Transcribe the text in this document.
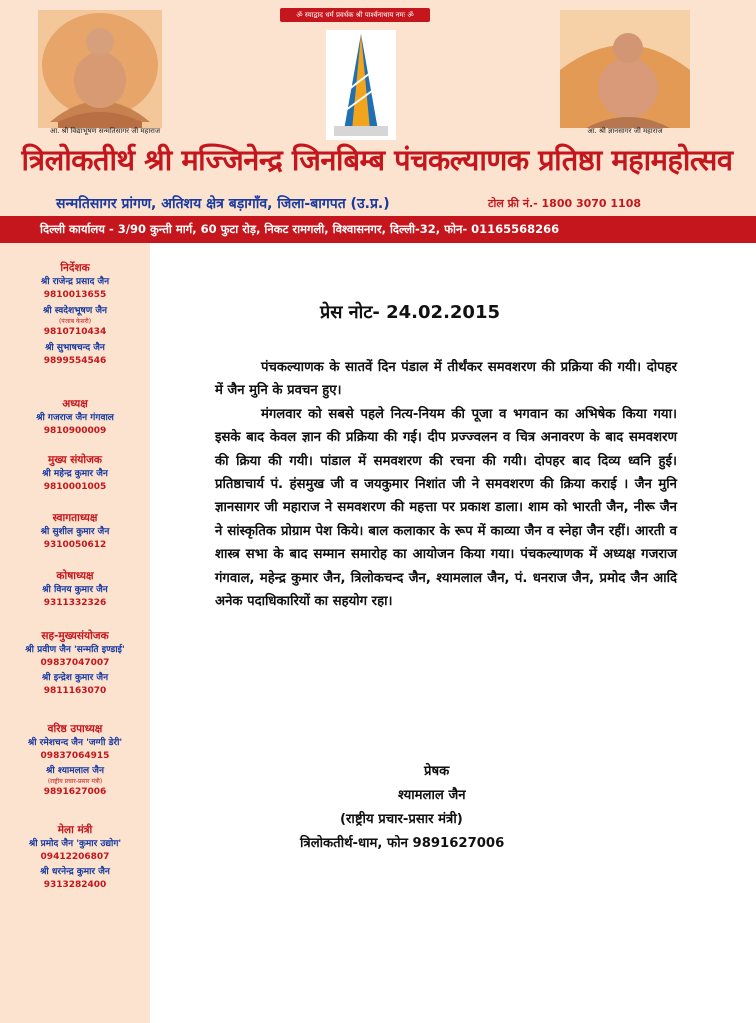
ॐ स्याद्वाद धर्म प्रवर्धक श्री पार्श्वनाथाय नमः ॐ
आ. श्री विद्याभूषण सन्मतिसागर जी महाराज	आ. श्री ज्ञानसागर जी महाराज
त्रिलोकतीर्थ श्री मज्जिनेन्द्र जिनबिम्ब पंचकल्याणक प्रतिष्ठा महामहोत्सव
सन्मतिसागर प्रांगण, अतिशय क्षेत्र बड़ागाँव, जिला-बागपत (उ.प्र.)	टोल फ्री नं.- 1800 3070 1108
दिल्ली कार्यालय - 3/90 कुन्ती मार्ग, 60 फुटा रोड़, निकट रामगली, विश्वासनगर, दिल्ली-32, फोन- 01165568266
निर्देशक
श्री राजेन्द्र प्रसाद जैन
9810013655
श्री स्वदेशभूषण जैन
(पंजाब केसरी)
9810710434
श्री सुभाषचन्द जैन
9899554546
अध्यक्ष
श्री गजराज जैन गंगवाल
9810900009
मुख्य संयोजक
श्री महेन्द्र कुमार जैन
9810001005
स्वागताध्यक्ष
श्री सुशील कुमार जैन
9310050612
कोषाध्यक्ष
श्री विनय कुमार जैन
9311332326
सह-मुख्यसंयोजक
श्री प्रवीण जैन 'सन्मति इण्डाई'
09837047007
श्री इन्द्रेश कुमार जैन
9811163070
वरिष्ठ उपाध्यक्ष
श्री रमेशचन्द जैन 'जग्गी डेरी'
09837064915
श्री श्यामलाल जैन
(राष्ट्रीय प्रचार-प्रसार मंत्री)
9891627006
मेला मंत्री
श्री प्रमोद जैन 'कुमार उद्योग'
09412206807
श्री धरनेन्द्र कुमार जैन
9313282400
प्रेस नोट- 24.02.2015

पंचकल्याणक के सातवें दिन पंडाल में तीर्थंकर समवशरण की प्रक्रिया की गयी। दोपहर में जैन मुनि के प्रवचन हुए।

मंगलवार को सबसे पहले नित्य-नियम की पूजा व भगवान का अभिषेक किया गया। इसके बाद केवल ज्ञान की प्रक्रिया की गई। दीप प्रज्ज्वलन व चित्र अनावरण के बाद समवशरण की क्रिया की गयी। पांडाल में समवशरण की रचना की गयी। दोपहर बाद दिव्य ध्वनि हुई। प्रतिष्ठाचार्य पं. हंसमुख जी व जयकुमार निशांत जी ने समवशरण की क्रिया कराई । जैन मुनि ज्ञानसागर जी महाराज ने समवशरण की महत्ता पर प्रकाश डाला। शाम को भारती जैन, नीरू जैन ने सांस्कृतिक प्रोग्राम पेश किये। बाल कलाकार के रूप में काव्या जैन व स्नेहा जैन रहीं। आरती व शास्त्र सभा के बाद सम्मान समारोह का आयोजन किया गया। पंचकल्याणक में अध्यक्ष गजराज गंगवाल, महेन्द्र कुमार जैन, त्रिलोकचन्द जैन, श्यामलाल जैन, पं. धनराज जैन, प्रमोद जैन आदि अनेक पदाधिकारियों का सहयोग रहा।

प्रेषक
श्यामलाल जैन
(राष्ट्रीय प्रचार-प्रसार मंत्री)
त्रिलोकतीर्थ-धाम, फोन 9891627006
